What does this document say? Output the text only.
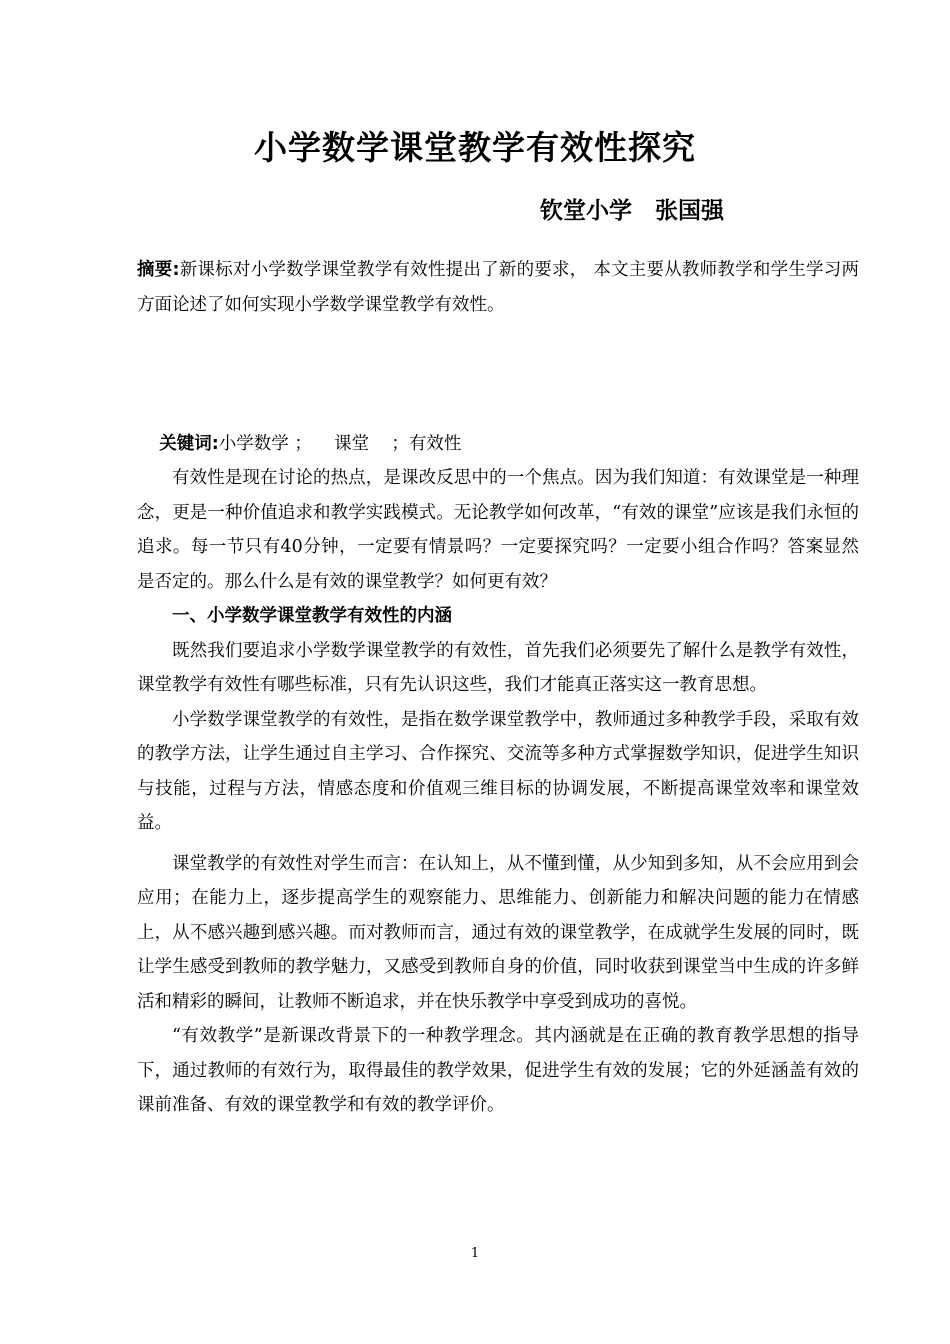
小学数学课堂教学有效性探究
钦堂小学　张国强
摘要:新课标对小学数学课堂教学有效性提出了新的要求， 本文主要从教师教学和学生学习两方面论述了如何实现小学数学课堂教学有效性。

关键词:小学数学 ；    课堂    ；有效性

有效性是现在讨论的热点，是课改反思中的一个焦点。因为我们知道：有效课堂是一种理念，更是一种价值追求和教学实践模式。无论教学如何改革，“有效的课堂”应该是我们永恒的追求。每一节只有40分钟，一定要有情景吗？一定要探究吗？一定要小组合作吗？答案显然是否定的。那么什么是有效的课堂教学？如何更有效？

一、小学数学课堂教学有效性的内涵

既然我们要追求小学数学课堂教学的有效性，首先我们必须要先了解什么是教学有效性，课堂教学有效性有哪些标准，只有先认识这些，我们才能真正落实这一教育思想。

小学数学课堂教学的有效性，是指在数学课堂教学中，教师通过多种教学手段，采取有效的教学方法，让学生通过自主学习、合作探究、交流等多种方式掌握数学知识，促进学生知识与技能，过程与方法，情感态度和价值观三维目标的协调发展，不断提高课堂效率和课堂效益。

课堂教学的有效性对学生而言：在认知上，从不懂到懂，从少知到多知，从不会应用到会应用；在能力上，逐步提高学生的观察能力、思维能力、创新能力和解决问题的能力在情感上，从不感兴趣到感兴趣。而对教师而言，通过有效的课堂教学，在成就学生发展的同时，既让学生感受到教师的教学魅力，又感受到教师自身的价值，同时收获到课堂当中生成的许多鲜活和精彩的瞬间，让教师不断追求，并在快乐教学中享受到成功的喜悦。

“有效教学”是新课改背景下的一种教学理念。其内涵就是在正确的教育教学思想的指导下，通过教师的有效行为，取得最佳的教学效果，促进学生有效的发展；它的外延涵盖有效的课前准备、有效的课堂教学和有效的教学评价。

1
